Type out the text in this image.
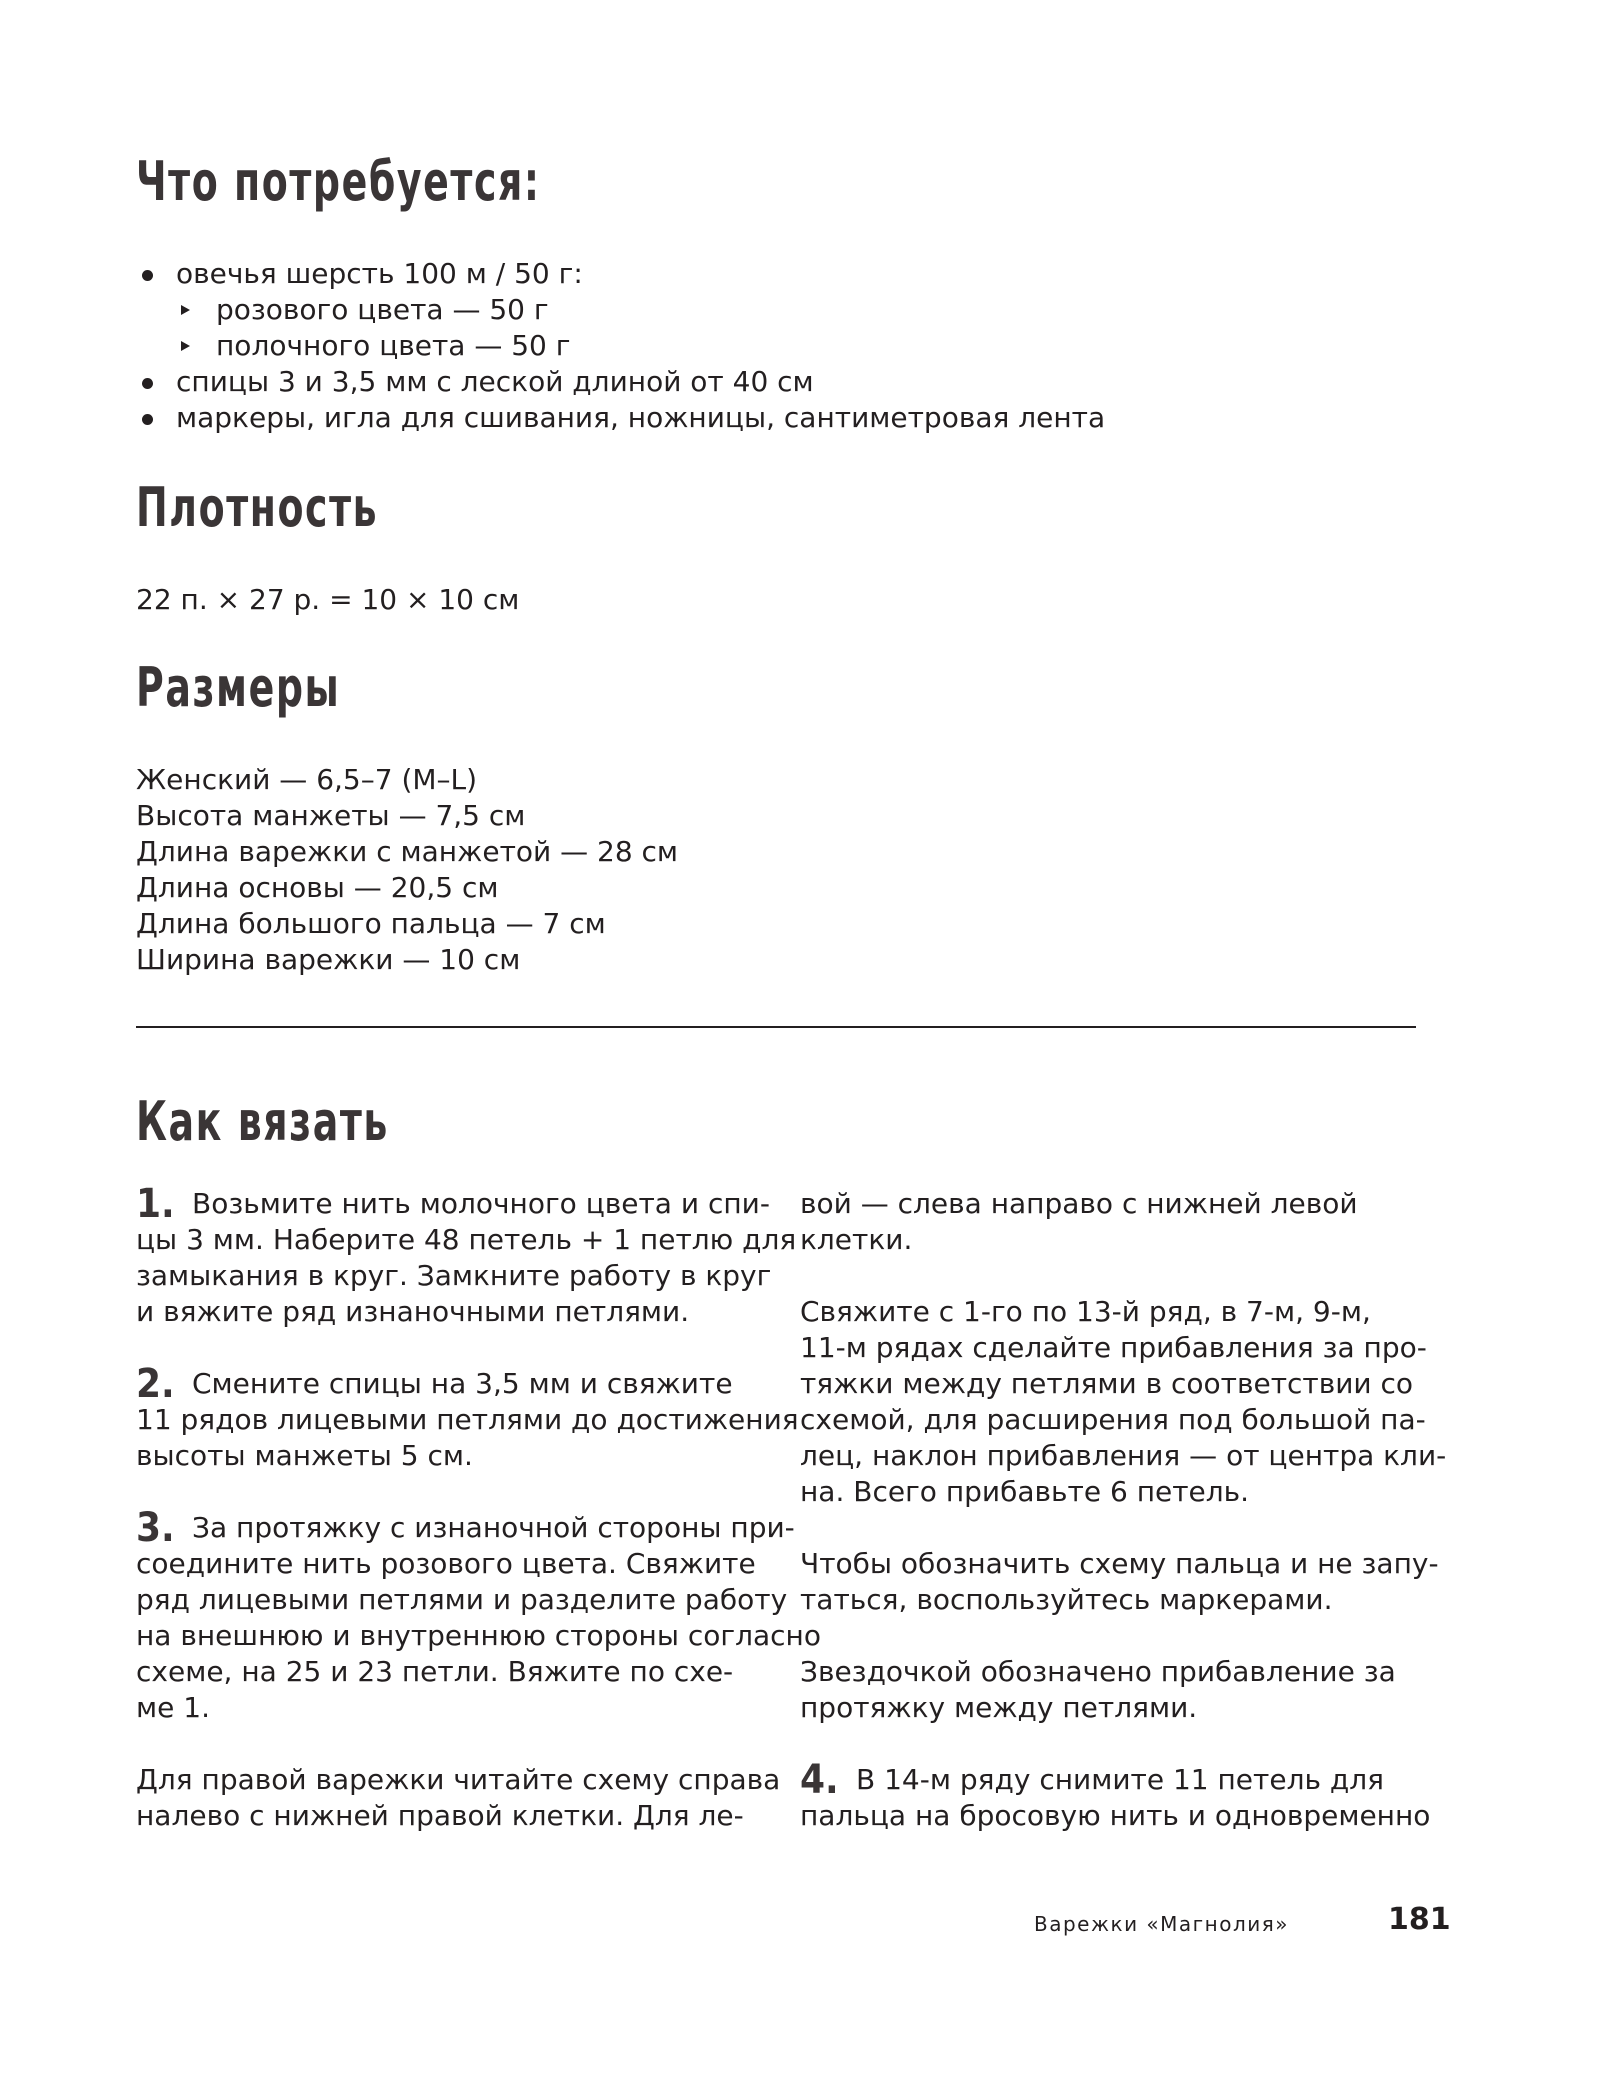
Что потребуется:
овечья шерсть 100 м / 50 г:
розового цвета — 50 г
полочного цвета — 50 г
спицы 3 и 3,5 мм с леской длиной от 40 см
маркеры, игла для сшивания, ножницы, сантиметровая лента
Плотность
22 п. × 27 р. = 10 × 10 см
Размеры
Женский — 6,5–7 (M–L)
Высота манжеты — 7,5 см
Длина варежки с манжетой — 28 см
Длина основы — 20,5 см
Длина большого пальца — 7 см
Ширина варежки — 10 см
Как вязать

1. Возьмите нить молочного цвета и спи-
цы 3 мм. Наберите 48 петель + 1 петлю для
замыкания в круг. Замкните работу в круг
и вяжите ряд изнаночными петлями.

2. Смените спицы на 3,5 мм и свяжите
11 рядов лицевыми петлями до достижения
высоты манжеты 5 см.

3. За протяжку с изнаночной стороны при-
соедините нить розового цвета. Свяжите
ряд лицевыми петлями и разделите работу
на внешнюю и внутреннюю стороны согласно
схеме, на 25 и 23 петли. Вяжите по схе-
ме 1.

Для правой варежки читайте схему справа
налево с нижней правой клетки. Для ле-

вой — слева направо с нижней левой
клетки.

Свяжите с 1-го по 13-й ряд, в 7-м, 9-м,
11-м рядах сделайте прибавления за про-
тяжки между петлями в соответствии со
схемой, для расширения под большой па-
лец, наклон прибавления — от центра кли-
на. Всего прибавьте 6 петель.

Чтобы обозначить схему пальца и не запу-
таться, воспользуйтесь маркерами.

Звездочкой обозначено прибавление за
протяжку между петлями.

4. В 14-м ряду снимите 11 петель для
пальца на бросовую нить и одновременно

Варежки «Магнолия»	181
